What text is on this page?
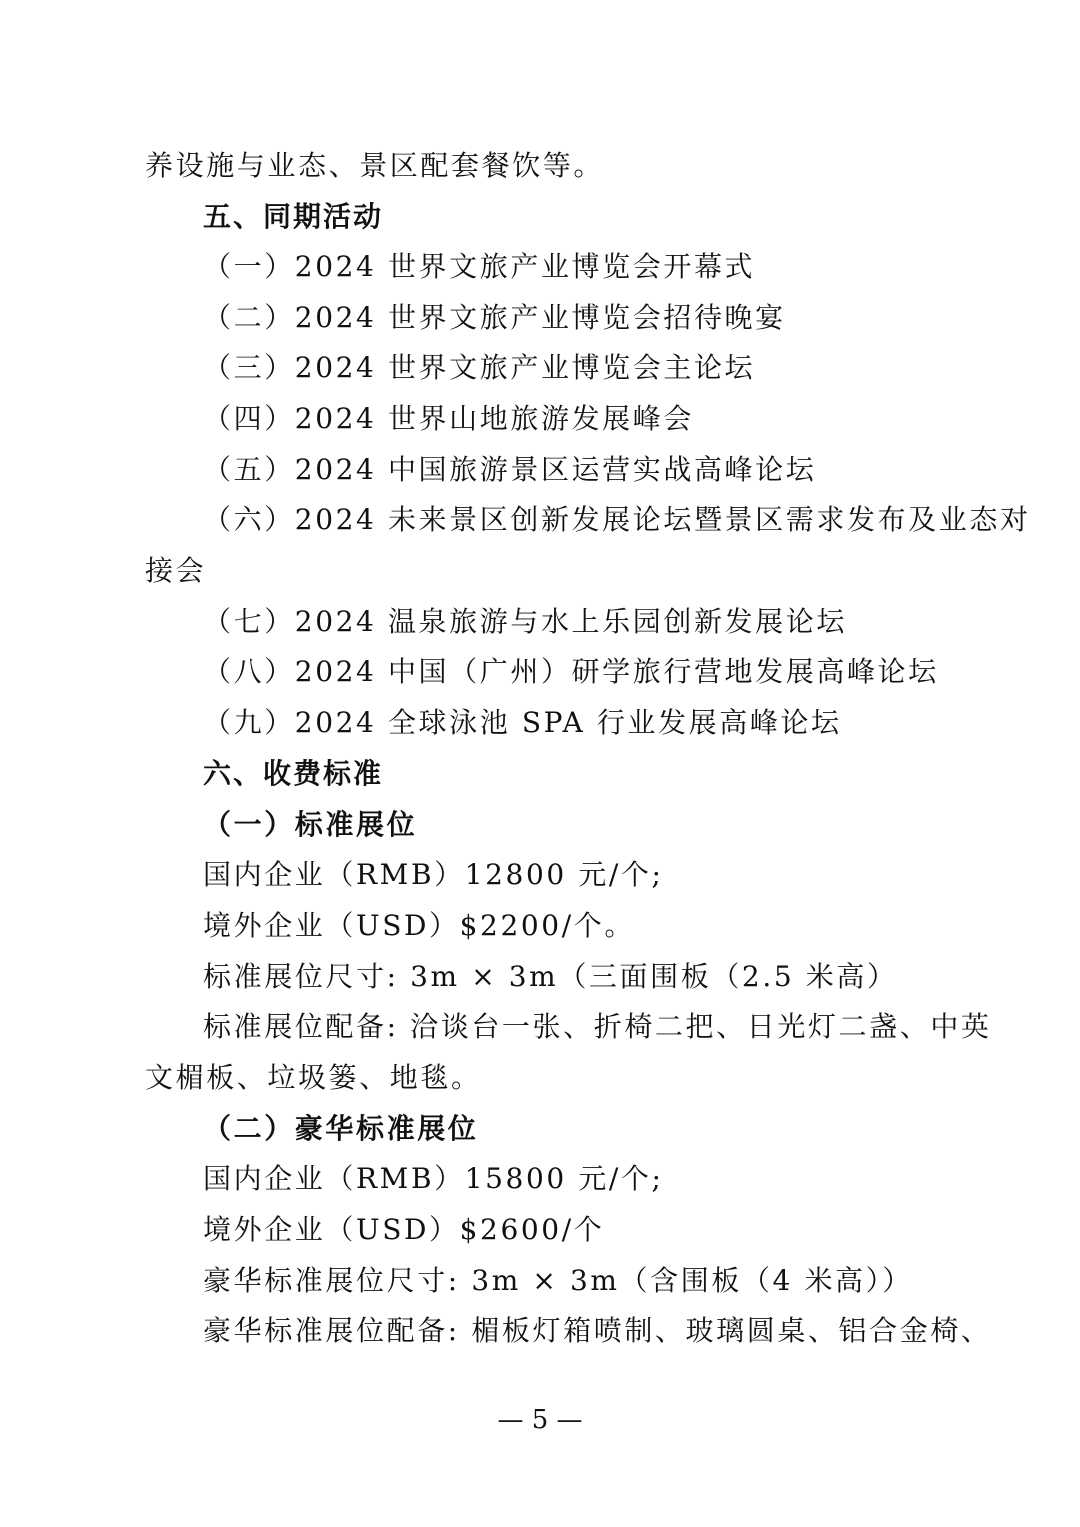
养设施与业态、景区配套餐饮等。
五、同期活动
（一）2024 世界文旅产业博览会开幕式
（二）2024 世界文旅产业博览会招待晚宴
（三）2024 世界文旅产业博览会主论坛
（四）2024 世界山地旅游发展峰会
（五）2024 中国旅游景区运营实战高峰论坛
（六）2024 未来景区创新发展论坛暨景区需求发布及业态对
接会
（七）2024 温泉旅游与水上乐园创新发展论坛
（八）2024 中国（广州）研学旅行营地发展高峰论坛
（九）2024 全球泳池 SPA 行业发展高峰论坛
六、收费标准
（一）标准展位
国内企业（RMB）12800 元/个;
境外企业（USD）$2200/个。
标准展位尺寸: 3m × 3m（三面围板（2.5 米高）
标准展位配备: 洽谈台一张、折椅二把、日光灯二盏、中英
文楣板、垃圾篓、地毯。
（二）豪华标准展位
国内企业（RMB）15800 元/个;
境外企业（USD）$2600/个
豪华标准展位尺寸: 3m × 3m（含围板（4 米高））
豪华标准展位配备: 楣板灯箱喷制、玻璃圆桌、铝合金椅、
— 5 —
